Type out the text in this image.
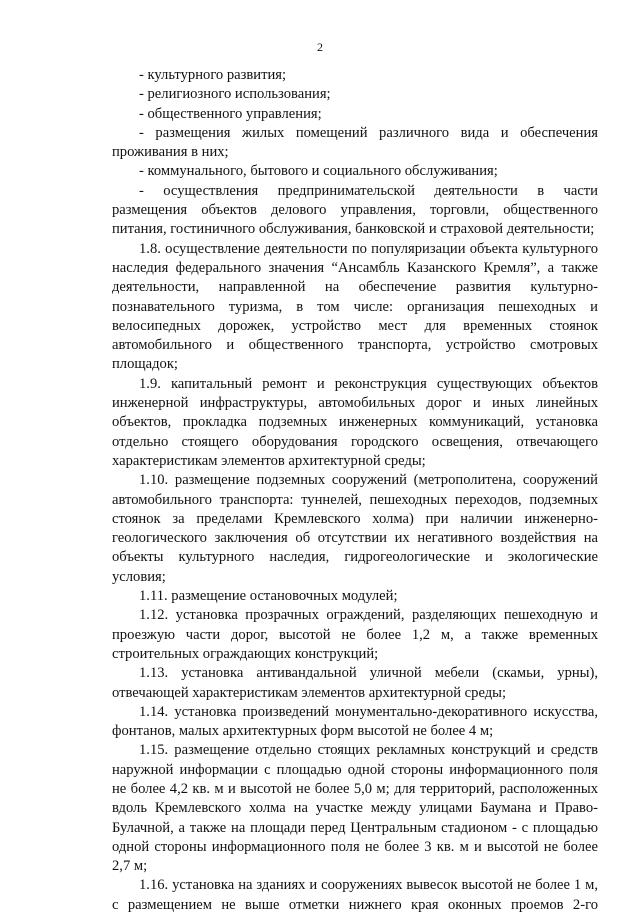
2

- культурного развития;

- религиозного использования;

- общественного управления;

- размещения жилых помещений различного вида и обеспечения проживания в них;

- коммунального, бытового и социального обслуживания;

- осуществления предпринимательской деятельности в части размещения объектов делового управления, торговли, общественного питания, гостиничного обслуживания, банковской и страховой деятельности;

1.8. осуществление деятельности по популяризации объекта культурного наследия федерального значения “Ансамбль Казанского Кремля”, а также деятельности, направленной на обеспечение развития культурно-познавательного туризма, в том числе: организация пешеходных и велосипедных дорожек, устройство мест для временных стоянок автомобильного и общественного транспорта, устройство смотровых площадок;

1.9. капитальный ремонт и реконструкция существующих объектов инженерной инфраструктуры, автомобильных дорог и иных линейных объектов, прокладка подземных инженерных коммуникаций, установка отдельно стоящего оборудования городского освещения, отвечающего характеристикам элементов архитектурной среды;

1.10. размещение подземных сооружений (метрополитена, сооружений автомобильного транспорта: туннелей, пешеходных переходов, подземных стоянок за пределами Кремлевского холма) при наличии инженерно-геологического заключения об отсутствии их негативного воздействия на объекты культурного наследия, гидрогеологические и экологические условия;

1.11. размещение остановочных модулей;

1.12. установка прозрачных ограждений, разделяющих пешеходную и проезжую части дорог, высотой не более 1,2 м, а также временных строительных ограждающих конструкций;

1.13. установка антивандальной уличной мебели (скамьи, урны), отвечающей характеристикам элементов архитектурной среды;

1.14. установка произведений монументально-декоративного искусства, фонтанов, малых архитектурных форм высотой не более 4 м;

1.15. размещение отдельно стоящих рекламных конструкций и средств наружной информации с площадью одной стороны информационного поля не более 4,2 кв. м и высотой не более 5,0 м; для территорий, расположенных вдоль Кремлевского холма на участке между улицами Баумана и Право-Булачной, а также на площади перед Центральным стадионом - с площадью одной стороны информационного поля не более 3 кв. м и высотой не более 2,7 м;

1.16. установка на зданиях и сооружениях вывесок высотой не более 1 м, с размещением не выше отметки нижнего края оконных проемов 2-го
